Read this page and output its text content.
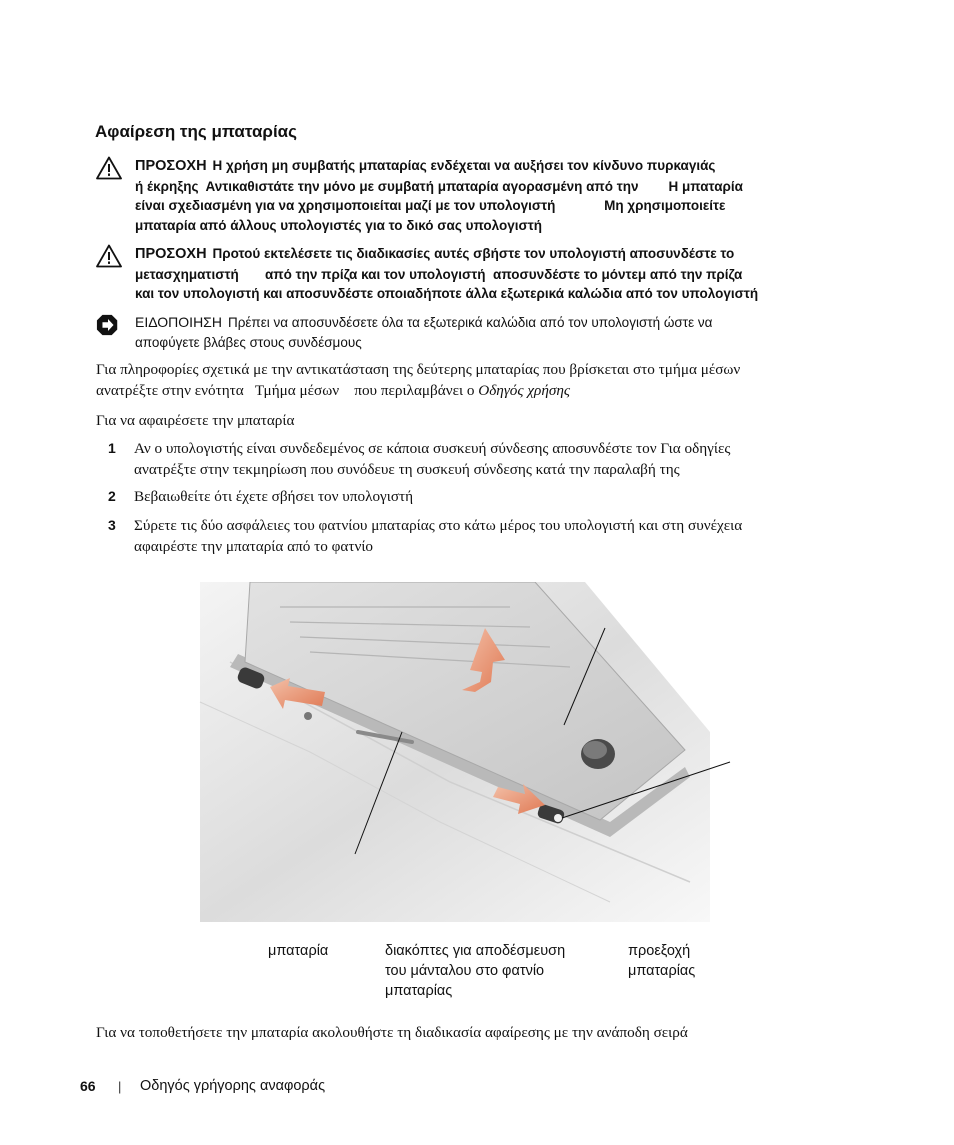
Αφαίρεση της μπαταρίας
ΠΡΟΣΟΧΗ Η χρήση μη συμβατής μπαταρίας ενδέχεται να αυξήσει τον κίνδυνο πυρκαγιάς
ή έκρηξης  Αντικαθιστάτε την μόνο με συμβατή μπαταρία αγορασμένη από την        Η μπαταρία
είναι σχεδιασμένη για να χρησιμοποιείται μαζί με τον υπολογιστή             Μη χρησιμοποιείτε
μπαταρία από άλλους υπολογιστές για το δικό σας υπολογιστή
ΠΡΟΣΟΧΗ Προτού εκτελέσετε τις διαδικασίες αυτές σβήστε τον υπολογιστή αποσυνδέστε το
μετασχηματιστή       από την πρίζα και τον υπολογιστή  αποσυνδέστε το μόντεμ από την πρίζα
και τον υπολογιστή και αποσυνδέστε οποιαδήποτε άλλα εξωτερικά καλώδια από τον υπολογιστή
ΕΙΔΟΠΟΙΗΣΗ Πρέπει να αποσυνδέσετε όλα τα εξωτερικά καλώδια από τον υπολογιστή ώστε να
αποφύγετε βλάβες στους συνδέσμους
Για πληροφορίες σχετικά με την αντικατάσταση της δεύτερης μπαταρίας που βρίσκεται στο τμήμα μέσων
ανατρέξτε στην ενότητα   Τμήμα μέσων    που περιλαμβάνει ο Οδηγός χρήσης
Για να αφαιρέσετε την μπαταρία
1 Αν ο υπολογιστής είναι συνδεδεμένος σε κάποια συσκευή σύνδεσης αποσυνδέστε τον Για οδηγίες
ανατρέξτε στην τεκμηρίωση που συνόδευε τη συσκευή σύνδεσης κατά την παραλαβή της
2 Βεβαιωθείτε ότι έχετε σβήσει τον υπολογιστή
3 Σύρετε τις δύο ασφάλειες του φατνίου μπαταρίας στο κάτω μέρος του υπολογιστή και στη συνέχεια
αφαιρέστε την μπαταρία από το φατνίο
μπαταρία	διακόπτες για αποδέσμευση
του μάνταλου στο φατνίο
μπαταρίας
προεξοχή
μπαταρίας
Για να τοποθετήσετε την μπαταρία ακολουθήστε τη διαδικασία αφαίρεσης με την ανάποδη σειρά
66 | Οδηγός γρήγορης αναφοράς
